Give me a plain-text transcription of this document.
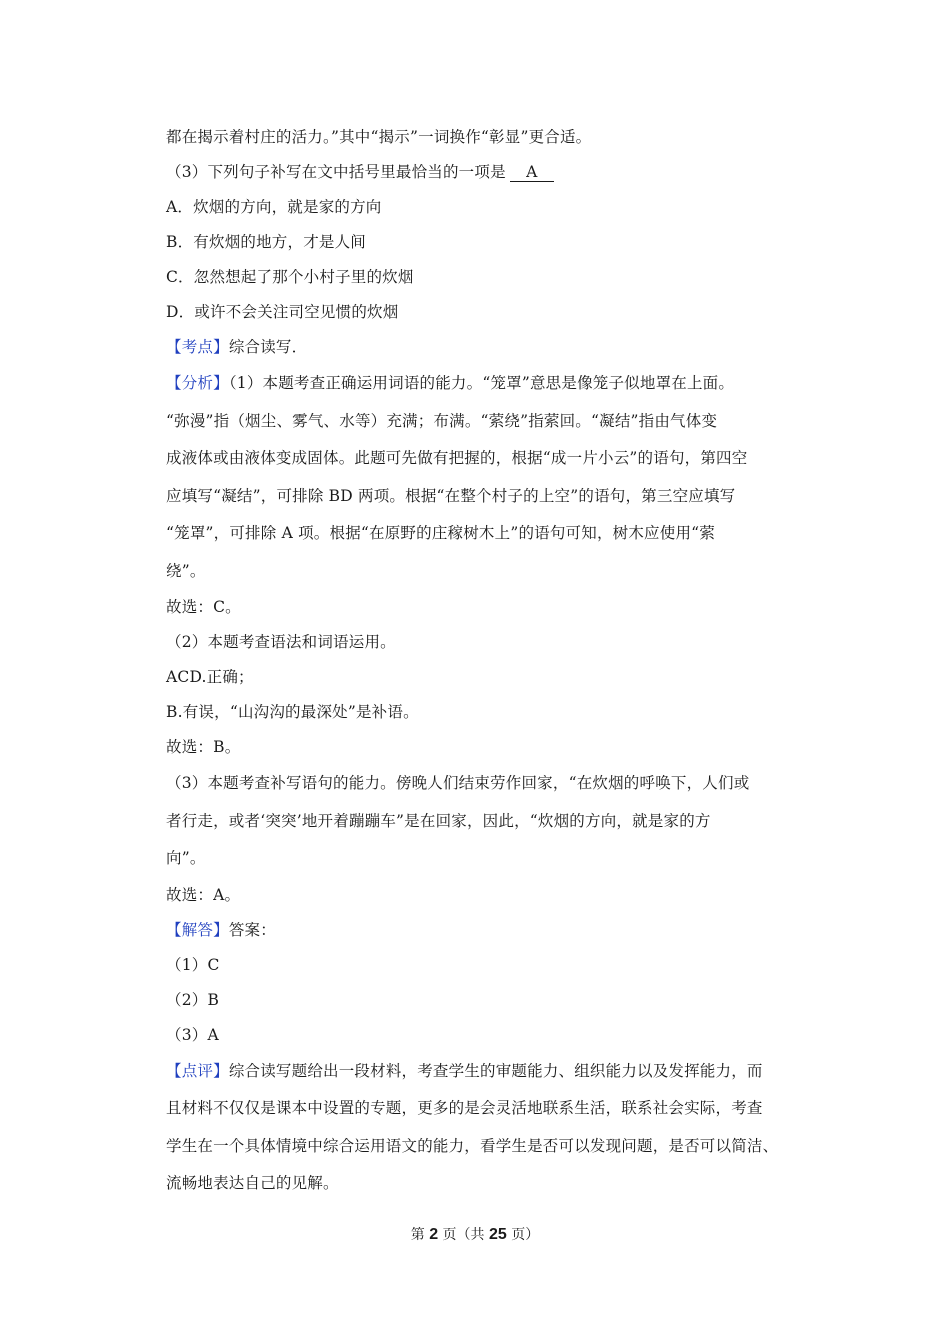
都在揭示着村庄的活力。”其中“揭示”一词换作“彰显”更合适。
（3）下列句子补写在文中括号里最恰当的一项是 A
A．炊烟的方向，就是家的方向
B．有炊烟的地方，才是人间
C．忽然想起了那个小村子里的炊烟
D．或许不会关注司空见惯的炊烟
【考点】综合读写．
【分析】（1）本题考查正确运用词语的能力。“笼罩”意思是像笼子似地罩在上面。
“弥漫”指（烟尘、雾气、水等）充满；布满。“萦绕”指萦回。“凝结”指由气体变
成液体或由液体变成固体。此题可先做有把握的，根据“成一片小云”的语句，第四空
应填写“凝结”，可排除 BD 两项。根据“在整个村子的上空”的语句，第三空应填写
“笼罩”，可排除 A 项。根据“在原野的庄稼树木上”的语句可知，树木应使用“萦
绕”。
故选：C。
（2）本题考查语法和词语运用。
ACD.正确；
B.有误，“山沟沟的最深处”是补语。
故选：B。
（3）本题考查补写语句的能力。傍晚人们结束劳作回家，“在炊烟的呼唤下，人们或
者行走，或者‘突突’地开着蹦蹦车”是在回家，因此，“炊烟的方向，就是家的方
向”。
故选：A。
【解答】答案：
（1）C
（2）B
（3）A
【点评】综合读写题给出一段材料，考查学生的审题能力、组织能力以及发挥能力，而
且材料不仅仅是课本中设置的专题，更多的是会灵活地联系生活，联系社会实际，考查
学生在一个具体情境中综合运用语文的能力，看学生是否可以发现问题，是否可以简洁、
流畅地表达自己的见解。
第 2 页（共 25 页）
